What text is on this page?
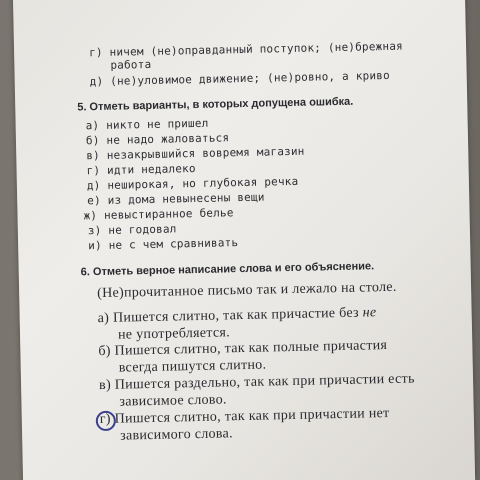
г) ничем (не)оправданный поступок; (не)брежная
работа
д) (не)уловимое движение; (не)ровно, а криво
5. Отметь варианты, в которых допущена ошибка.
а) никто не пришел
б) не надо жаловаться
в) незакрывшийся вовремя магазин
г) идти недалеко
д) неширокая, но глубокая речка
е) из дома невынесены вещи
ж) невыстиранное белье
з) не годовал
и) не с чем сравнивать
6. Отметь верное написание слова и его объяснение.
(Не)прочитанное письмо так и лежало на столе.
а) Пишется слитно, так как причастие без не
не употребляется.
б) Пишется слитно, так как полные причастия
всегда пишутся слитно.
в) Пишется раздельно, так как при причастии есть
зависимое слово.
г) Пишется слитно, так как при причастии нет
зависимого слова.
